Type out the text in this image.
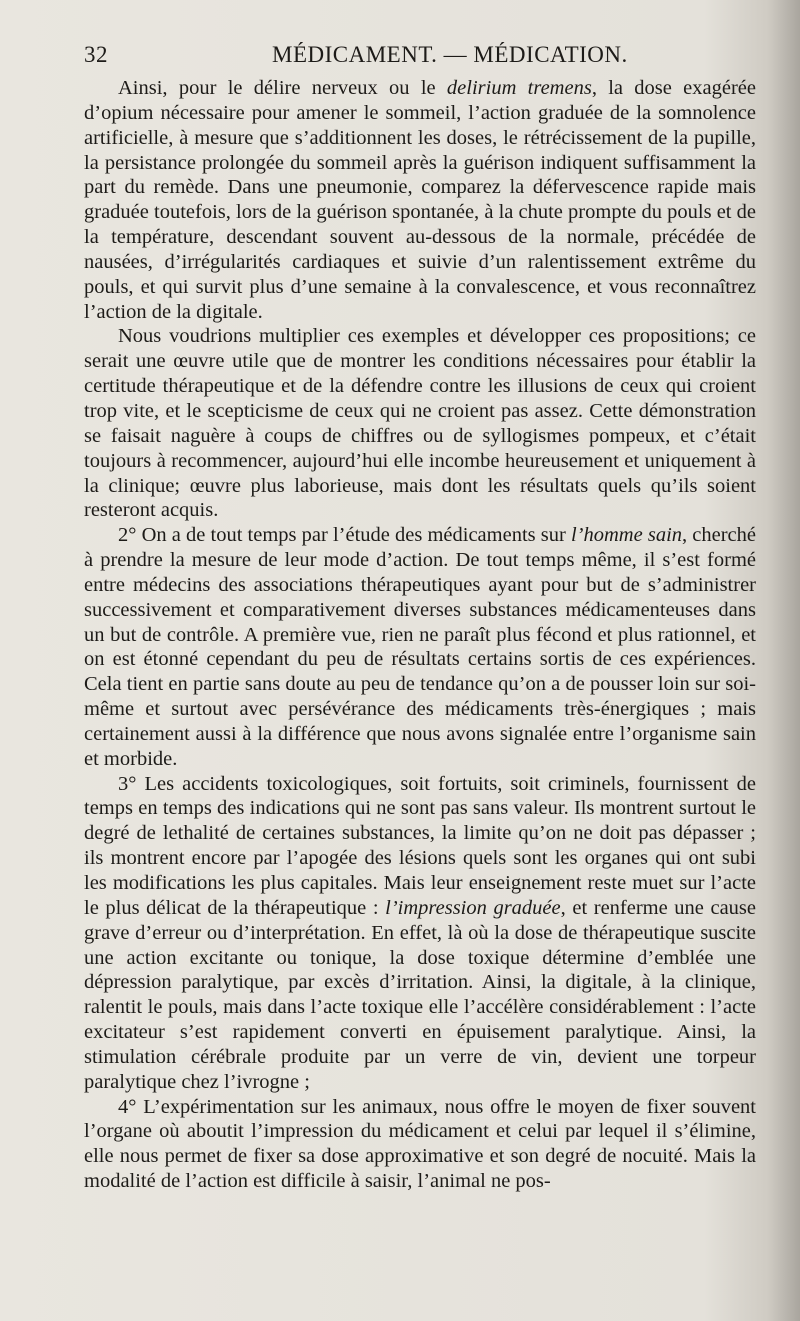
32	MÉDICAMENT. — MÉDICATION.

Ainsi, pour le délire nerveux ou le delirium tremens, la dose exagérée d’opium nécessaire pour amener le sommeil, l’action graduée de la somnolence artificielle, à mesure que s’additionnent les doses, le rétrécissement de la pupille, la persistance prolongée du sommeil après la guérison indiquent suffisamment la part du remède. Dans une pneumonie, comparez la défervescence rapide mais graduée toutefois, lors de la guérison spontanée, à la chute prompte du pouls et de la température, descendant souvent au-dessous de la normale, précédée de nausées, d’irrégularités cardiaques et suivie d’un ralentissement extrême du pouls, et qui survit plus d’une semaine à la convalescence, et vous reconnaîtrez l’action de la digitale.

Nous voudrions multiplier ces exemples et développer ces propositions; ce serait une œuvre utile que de montrer les conditions nécessaires pour établir la certitude thérapeutique et de la défendre contre les illusions de ceux qui croient trop vite, et le scepticisme de ceux qui ne croient pas assez. Cette démonstration se faisait naguère à coups de chiffres ou de syllogismes pompeux, et c’était toujours à recommencer, aujourd’hui elle incombe heureusement et uniquement à la clinique; œuvre plus laborieuse, mais dont les résultats quels qu’ils soient resteront acquis.

2° On a de tout temps par l’étude des médicaments sur l’homme sain, cherché à prendre la mesure de leur mode d’action. De tout temps même, il s’est formé entre médecins des associations thérapeutiques ayant pour but de s’administrer successivement et comparativement diverses substances médicamenteuses dans un but de contrôle. A première vue, rien ne paraît plus fécond et plus rationnel, et on est étonné cependant du peu de résultats certains sortis de ces expériences. Cela tient en partie sans doute au peu de tendance qu’on a de pousser loin sur soi-même et surtout avec persévérance des médicaments très-énergiques ; mais certainement aussi à la différence que nous avons signalée entre l’organisme sain et morbide.

3° Les accidents toxicologiques, soit fortuits, soit criminels, fournissent de temps en temps des indications qui ne sont pas sans valeur. Ils montrent surtout le degré de lethalité de certaines substances, la limite qu’on ne doit pas dépasser ; ils montrent encore par l’apogée des lésions quels sont les organes qui ont subi les modifications les plus capitales. Mais leur enseignement reste muet sur l’acte le plus délicat de la thérapeutique : l’impression graduée, et renferme une cause grave d’erreur ou d’interprétation. En effet, là où la dose de thérapeutique suscite une action excitante ou tonique, la dose toxique détermine d’emblée une dépression paralytique, par excès d’irritation. Ainsi, la digitale, à la clinique, ralentit le pouls, mais dans l’acte toxique elle l’accélère considérablement : l’acte excitateur s’est rapidement converti en épuisement paralytique. Ainsi, la stimulation cérébrale produite par un verre de vin, devient une torpeur paralytique chez l’ivrogne ;

4° L’expérimentation sur les animaux, nous offre le moyen de fixer souvent l’organe où aboutit l’impression du médicament et celui par lequel il s’élimine, elle nous permet de fixer sa dose approximative et son degré de nocuité. Mais la modalité de l’action est difficile à saisir, l’animal ne pos-
